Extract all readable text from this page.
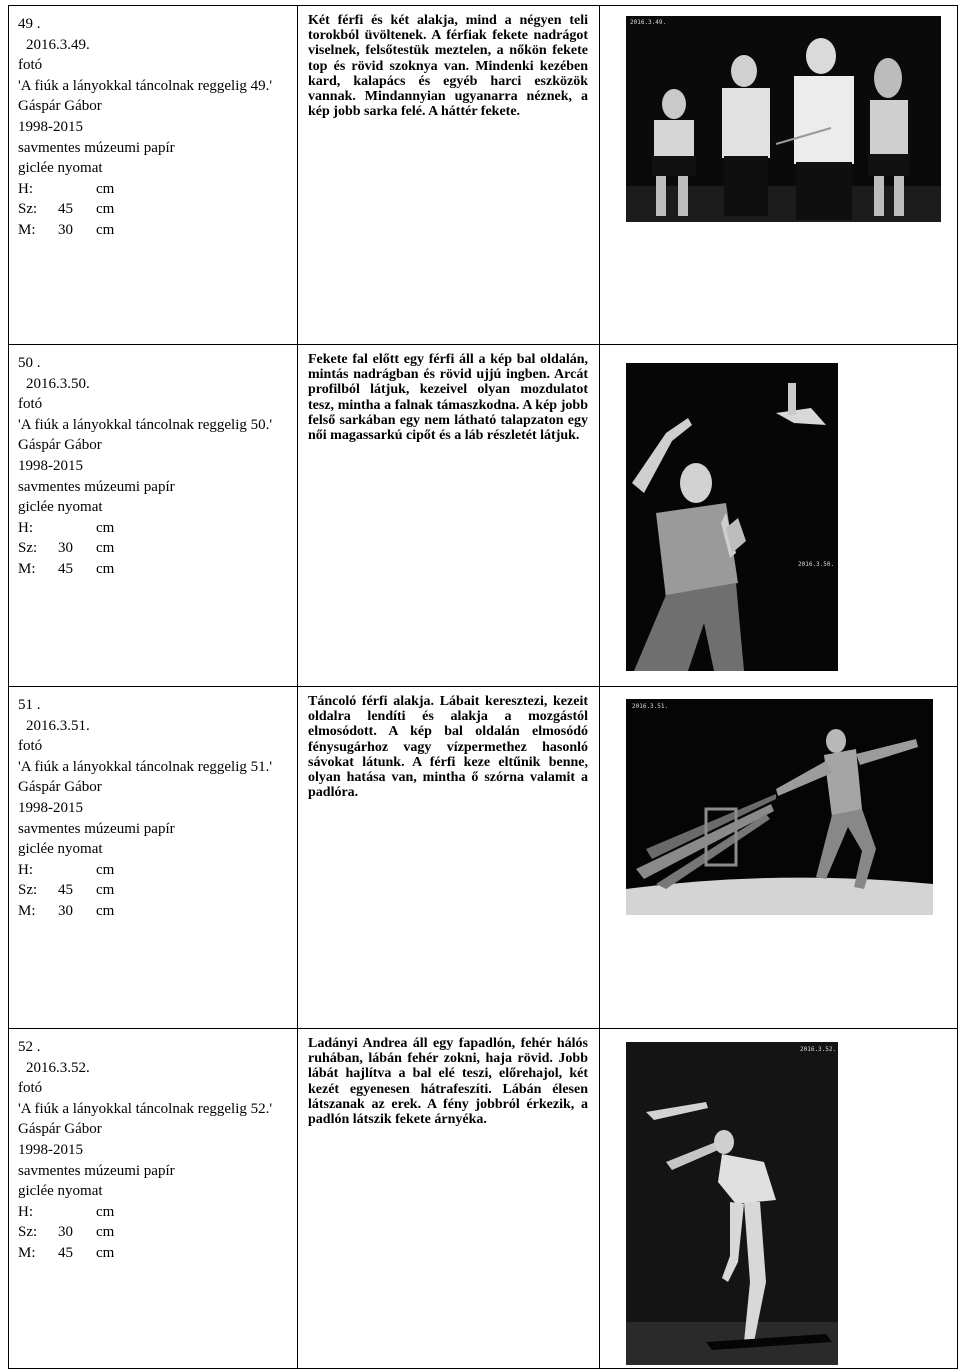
49 .
2016.3.49.
fotó
'A fiúk a lányokkal táncolnak reggelig 49.'
Gáspár Gábor
1998-2015
savmentes múzeumi papír
giclée nyomat
H:	cm
Sz: 45 cm
M: 30 cm
Két férfi és két alakja, mind a négyen teli torokból üvöltenek. A férfiak fekete nadrágot viselnek, felsőtestük meztelen, a nőkön fekete top és rövid szoknya van. Mindenki kezében kard, kalapács és egyéb harci eszközök vannak. Mindannyian ugyanarra néznek, a kép jobb sarka felé. A háttér fekete.
2016.3.49.
50 .
2016.3.50.
fotó
'A fiúk a lányokkal táncolnak reggelig 50.'
Gáspár Gábor
1998-2015
savmentes múzeumi papír
giclée nyomat
H:	cm
Sz: 30 cm
M: 45 cm
Fekete fal előtt egy férfi áll a kép bal oldalán, mintás nadrágban és rövid ujjú ingben. Arcát profilból látjuk, kezeivel olyan mozdulatot tesz, mintha a falnak támaszkodna. A kép jobb felső sarkában egy nem látható talapzaton egy női magassarkú cipőt és a láb részletét látjuk.
2016.3.50.
51 .
2016.3.51.
fotó
'A fiúk a lányokkal táncolnak reggelig 51.'
Gáspár Gábor
1998-2015
savmentes múzeumi papír
giclée nyomat
H:	cm
Sz: 45 cm
M: 30 cm
Táncoló férfi alakja. Lábait keresztezi, kezeit oldalra lendíti és alakja a mozgástól elmosódott. A kép bal oldalán elmosódó fénysugárhoz vagy vízpermethez hasonló sávokat látunk. A férfi keze eltűnik benne, olyan hatása van, mintha ő szórna valamit a padlóra.
2016.3.51.
52 .
2016.3.52.
fotó
'A fiúk a lányokkal táncolnak reggelig 52.'
Gáspár Gábor
1998-2015
savmentes múzeumi papír
giclée nyomat
H:	cm
Sz: 30 cm
M: 45 cm
Ladányi Andrea áll egy fapadlón, fehér hálós ruhában, lábán fehér zokni, haja rövid. Jobb lábát hajlítva a bal elé teszi, előrehajol, két kezét egyenesen hátrafeszíti. Lábán élesen látszanak az erek. A fény jobbról érkezik, a padlón látszik fekete árnyéka.
2016.3.52.
